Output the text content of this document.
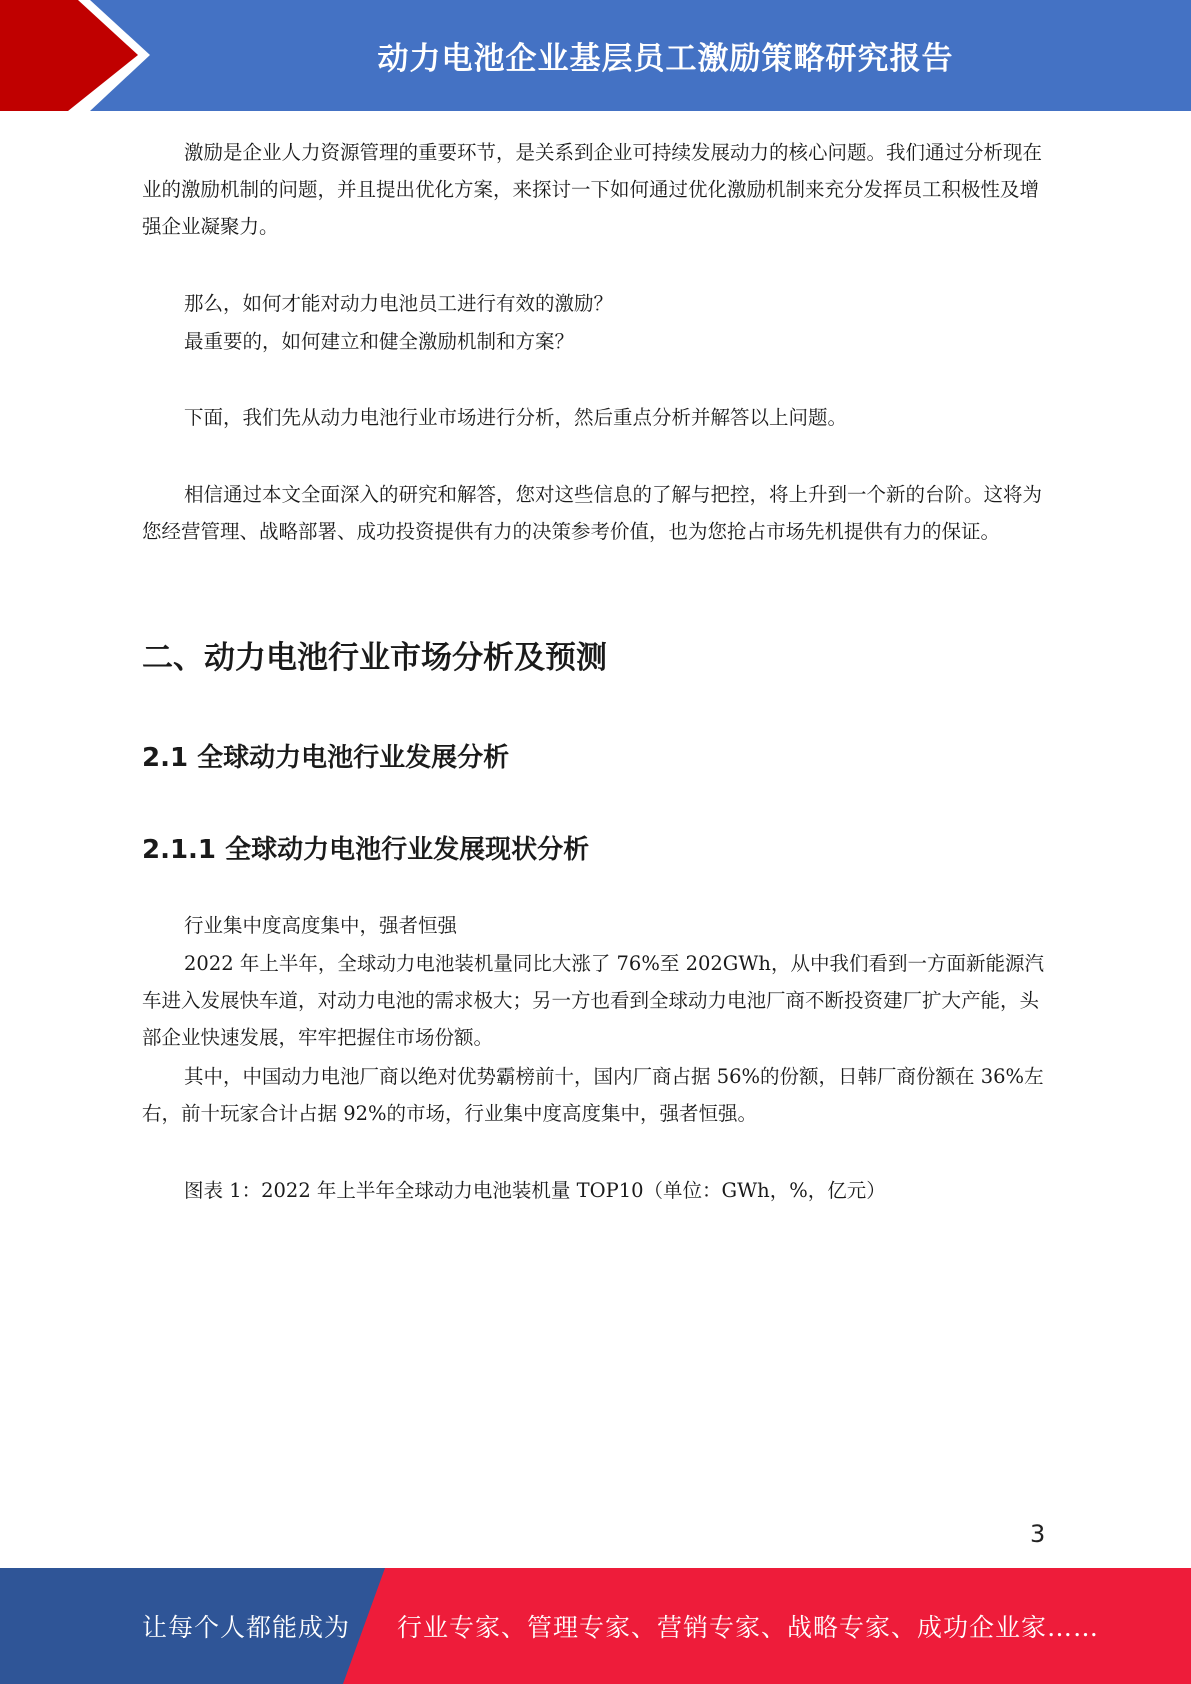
动力电池企业基层员工激励策略研究报告

激励是企业人力资源管理的重要环节，是关系到企业可持续发展动力的核心问题。我们通过分析现在业的激励机制的问题，并且提出优化方案，来探讨一下如何通过优化激励机制来充分发挥员工积极性及增强企业凝聚力。

那么，如何才能对动力电池员工进行有效的激励？

最重要的，如何建立和健全激励机制和方案？

下面，我们先从动力电池行业市场进行分析，然后重点分析并解答以上问题。

相信通过本文全面深入的研究和解答，您对这些信息的了解与把控，将上升到一个新的台阶。这将为您经营管理、战略部署、成功投资提供有力的决策参考价值，也为您抢占市场先机提供有力的保证。

二、动力电池行业市场分析及预测
2.1 全球动力电池行业发展分析
2.1.1 全球动力电池行业发展现状分析

行业集中度高度集中，强者恒强

2022 年上半年，全球动力电池装机量同比大涨了 76%至 202GWh，从中我们看到一方面新能源汽车进入发展快车道，对动力电池的需求极大；另一方也看到全球动力电池厂商不断投资建厂扩大产能，头部企业快速发展，牢牢把握住市场份额。

其中，中国动力电池厂商以绝对优势霸榜前十，国内厂商占据 56%的份额，日韩厂商份额在 36%左右，前十玩家合计占据 92%的市场，行业集中度高度集中，强者恒强。

图表 1：2022 年上半年全球动力电池装机量 TOP10（单位：GWh，%，亿元）

3
让每个人都能成为 行业专家、管理专家、营销专家、战略专家、成功企业家……
